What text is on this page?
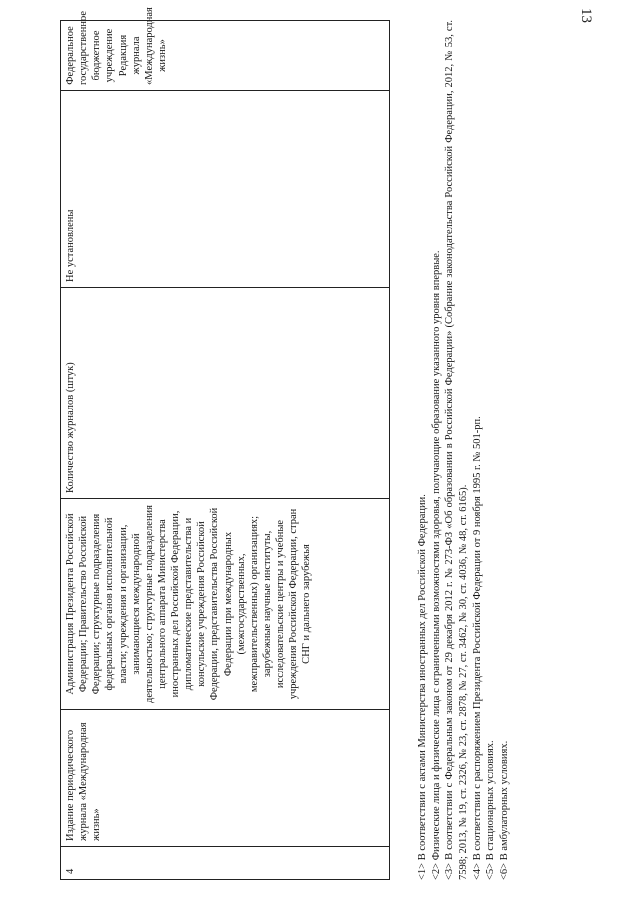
13
4	Издание периодического журнала «Международная жизнь»	Администрация Президента Российской Федерации; Правительство Российской Федерации; структурные подразделения федеральных органов исполнительной власти; учреждения и организации, занимающиеся международной деятельностью; структурные подразделения центрального аппарата Министерства иностранных дел Российской Федерации, дипломатические представительства и консульские учреждения Российской Федерации, представительства Российской Федерации при международных (межгосударственных, межправительственных) организациях; зарубежные научные институты, исследовательские центры и учебные учреждения Российской Федерации, стран СНГ и дальнего зарубежья	Количество журналов (штук)	Не установлены	Федеральное государственное бюджетное учреждение Редакция журнала «Международная жизнь»

<1> В соответствии с актами Министерства иностранных дел Российской Федерации. <2> Физические лица и физические лица с ограниченными возможностями здоровья, получающие образование указанного уровня впервые. <3> В соответствии с Федеральным законом от 29 декабря 2012 г. № 273-ФЗ «Об образовании в Российской Федерации» (Собрание законодательства Российской Федерации, 2012, № 53, ст. 7598; 2013, № 19, ст. 2326, № 23, ст. 2878, № 27, ст. 3462, № 30, ст. 4036, № 48, ст. 6165). <4> В соответствии с распоряжением Президента Российской Федерации от 9 ноября 1995 г. № 501-рп. <5> В стационарных условиях. <6> В амбулаторных условиях.
